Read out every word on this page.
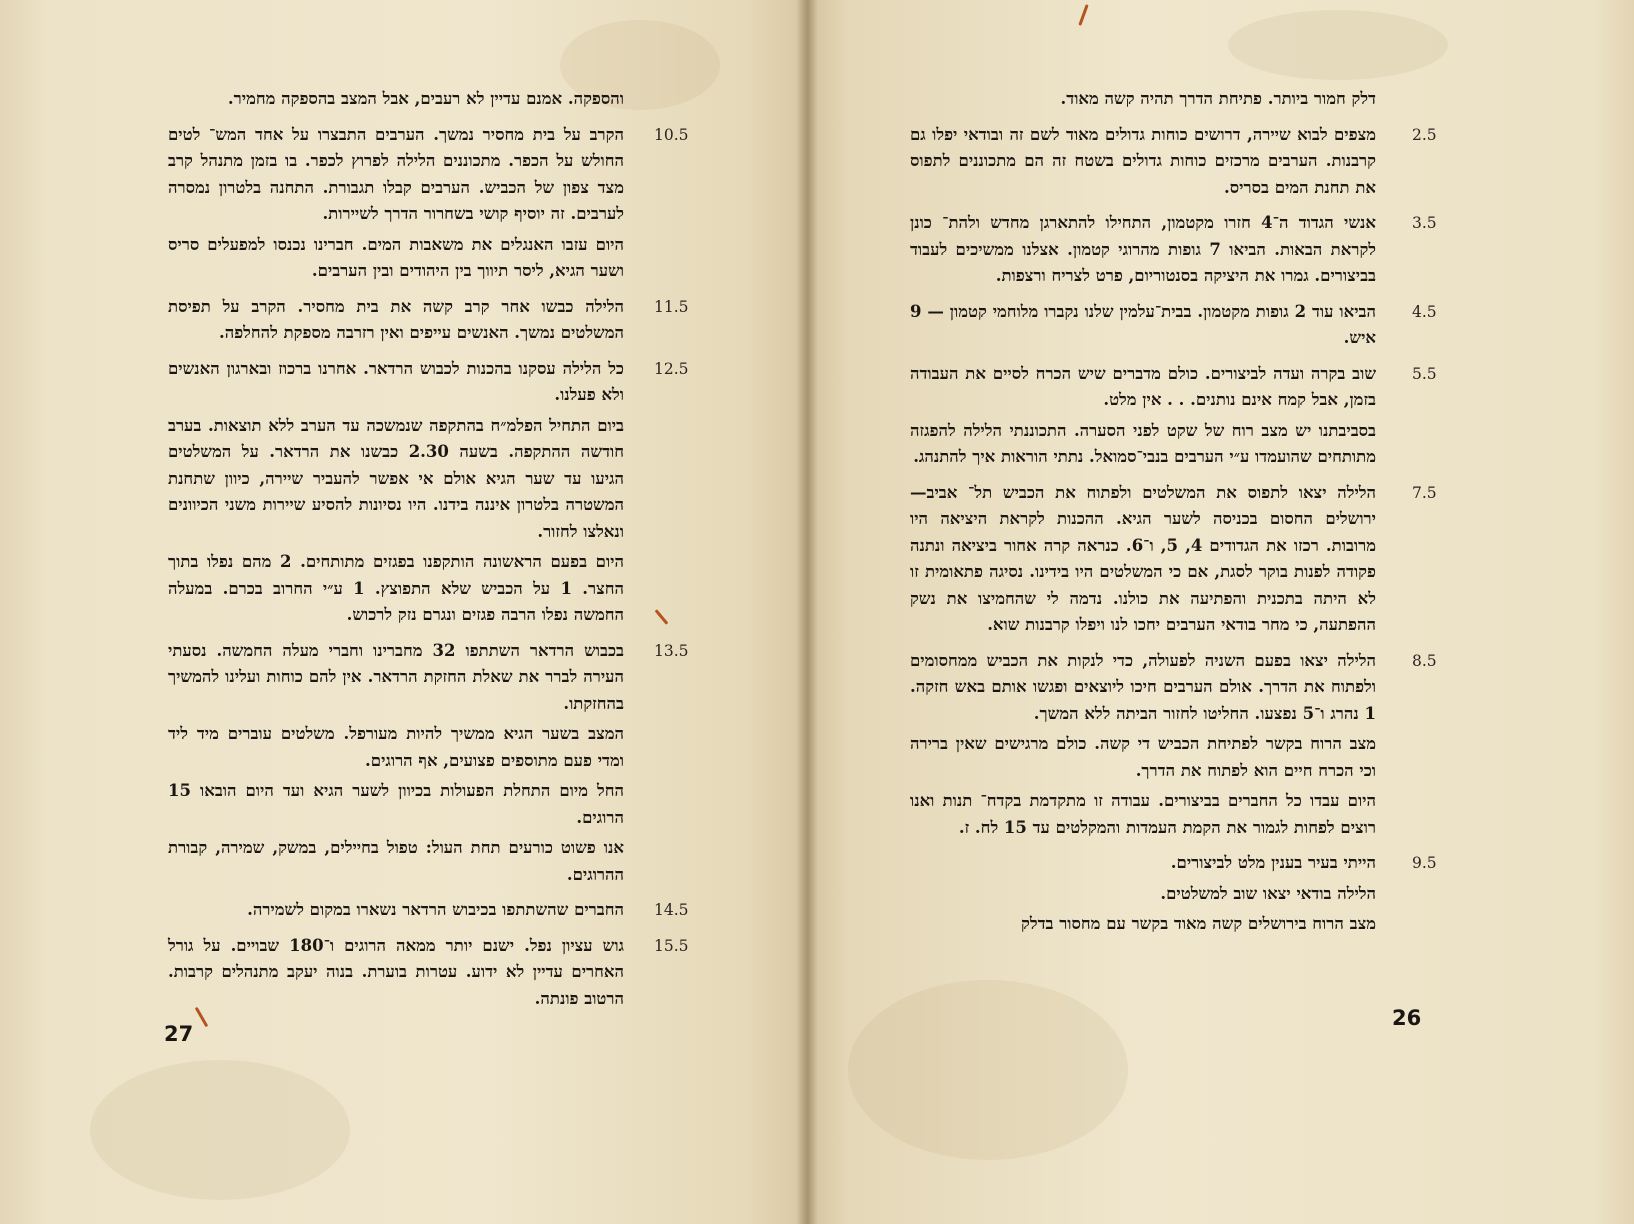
והספקה. אמנם עדיין לא רעבים, אבל המצב בהספקה מחמיר.
10.5
הקרב על בית מחסיר נמשך. הערבים התבצרו על אחד המש־ לטים החולש על הכפר. מתכוננים הלילה לפרוץ לכפר. בו בזמן מתנהל קרב מצד צפון של הכביש. הערבים קבלו תגבורת. התחנה בלטרון נמסרה לערבים. זה יוסיף קושי בשחרור הדרך לשיירות.
היום עזבו האנגלים את משאבות המים. חברינו נכנסו למפעלים סריס ושער הגיא, ליסר תיווך בין היהודים ובין הערבים.
11.5
הלילה כבשו אחר קרב קשה את בית מחסיר. הקרב על תפיסת המשלטים נמשך. האנשים עייפים ואין רזרבה מספקת להחלפה.
12.5
כל הלילה עסקנו בהכנות לכבוש הרדאר. אחרנו ברכוז ובארגון האנשים ולא פעלנו.
ביום התחיל הפלמ״ח בהתקפה שנמשכה עד הערב ללא תוצאות. בערב חודשה ההתקפה. בשעה 2.30 כבשנו את הרדאר. על המשלטים הגיעו עד שער הגיא אולם אי אפשר להעביר שיירה, כיוון שתחנת המשטרה בלטרון איננה בידנו. היו נסיונות להסיע שיירות משני הכיוונים ונאלצו לחזור.
היום בפעם הראשונה הותקפנו בפגזים מתותחים. 2 מהם נפלו בתוך החצר. 1 על הכביש שלא התפוצץ. 1 ע״י החרוב בכרם. במעלה החמשה נפלו הרבה פגזים ונגרם נזק לרכוש.
13.5
בכבוש הרדאר השתתפו 32 מחברינו וחברי מעלה החמשה. נסעתי העירה לברר את שאלת החזקת הרדאר. אין להם כוחות ועלינו להמשיך בהחזקתו.
המצב בשער הגיא ממשיך להיות מעורפל. משלטים עוברים מיד ליד ומדי פעם מתוספים פצועים, אף הרוגים.
החל מיום התחלת הפעולות בכיוון לשער הגיא ועד היום הובאו 15 הרוגים.
אנו פשוט כורעים תחת העול: טפול בחיילים, במשק, שמירה, קבורת ההרוגים.
14.5
החברים שהשתתפו בכיבוש הרדאר נשארו במקום לשמירה.
15.5
גוש עציון נפל. ישנם יותר ממאה הרוגים ו־180 שבויים. על גורל האחרים עדיין לא ידוע. עטרות בוערת. בנוה יעקב מתנהלים קרבות. הרטוב פונתה.
27
דלק חמור ביותר. פתיחת הדרך תהיה קשה מאוד.
2.5
מצפים לבוא שיירה, דרושים כוחות גדולים מאוד לשם זה ובודאי יפלו גם קרבנות. הערבים מרכזים כוחות גדולים בשטח זה הם מתכוננים לתפוס את תחנת המים בסריס.
3.5
אנשי הגדוד ה־4 חזרו מקטמון, התחילו להתארגן מחדש ולהת־ כונן לקראת הבאות. הביאו 7 גופות מהרוגי קטמון. אצלנו ממשיכים לעבוד בביצורים. גמרו את היציקה בסנטוריום, פרט לצריח ורצפות.
4.5
הביאו עוד 2 גופות מקטמון. בבית־עלמין שלנו נקברו מלוחמי קטמון — 9 איש.
5.5
שוב בקרה ועדה לביצורים. כולם מדברים שיש הכרח לסיים את העבודה בזמן, אבל קמח אינם נותנים. . . אין מלט.
בסביבתנו יש מצב רוח של שקט לפני הסערה. התכוננתי הלילה להפגזה מתותחים שהועמדו ע״י הערבים בנבי־סמואל. נתתי הוראות איך להתנהג.
7.5
הלילה יצאו לתפוס את המשלטים ולפתוח את הכביש תל־ אביב—ירושלים החסום בכניסה לשער הגיא. ההכנות לקראת היציאה היו מרובות. רכזו את הגדודים 4, 5, ו־6. כנראה קרה אחור ביציאה ונתנה פקודה לפנות בוקר לסגת, אם כי המשלטים היו בידינו. נסיגה פתאומית זו לא היתה בתכנית והפתיעה את כולנו. נדמה לי שהחמיצו את נשק ההפתעה, כי מחר בודאי הערבים יחכו לנו ויפלו קרבנות שוא.
8.5
הלילה יצאו בפעם השניה לפעולה, כדי לנקות את הכביש ממחסומים ולפתוח את הדרך. אולם הערבים חיכו ליוצאים ופגשו אותם באש חזקה. 1 נהרג ו־5 נפצעו. החליטו לחזור הביתה ללא המשך.
מצב הרוח בקשר לפתיחת הכביש די קשה. כולם מרגישים שאין ברירה וכי הכרח חיים הוא לפתוח את הדרך.
היום עבדו כל החברים בביצורים. עבודה זו מתקדמת בקדח־ תנות ואנו רוצים לפחות לגמור את הקמת העמדות והמקלטים עד 15 לח. ז.
9.5
הייתי בעיר בענין מלט לביצורים.
הלילה בודאי יצאו שוב למשלטים.
מצב הרוח בירושלים קשה מאוד בקשר עם מחסור בדלק
26
